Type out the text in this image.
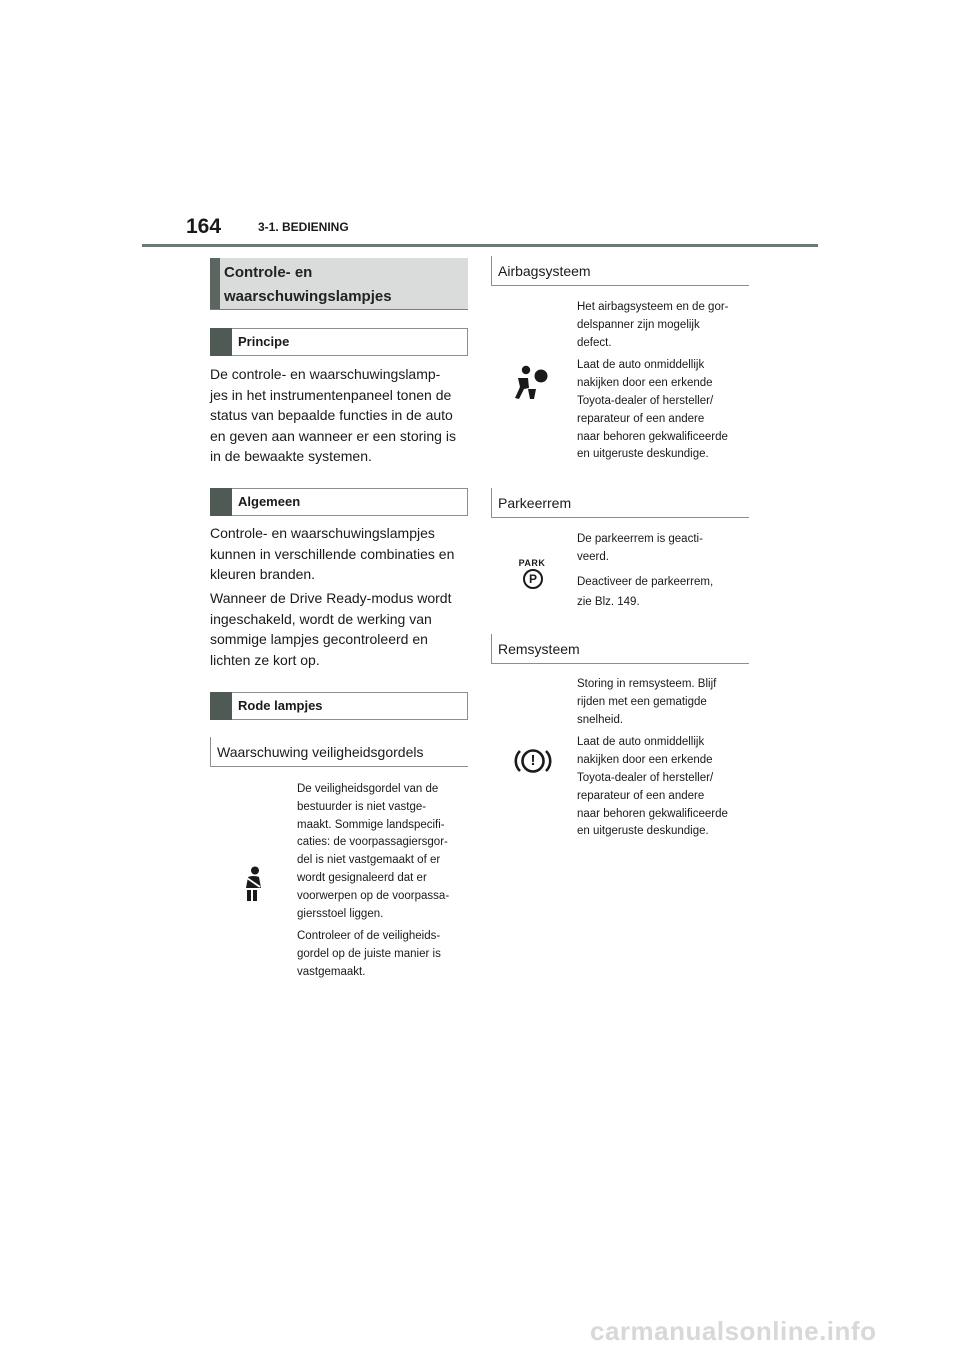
164	3-1. BEDIENING
Controle- en
waarschuwingslampjes
Principe

De controle- en waarschuwingslamp-
jes in het instrumentenpaneel tonen de
status van bepaalde functies in de auto
en geven aan wanneer er een storing is
in de bewaakte systemen.

Algemeen

Controle- en waarschuwingslampjes
kunnen in verschillende combinaties en
kleuren branden.

Wanneer de Drive Ready-modus wordt
ingeschakeld, wordt de werking van
sommige lampjes gecontroleerd en
lichten ze kort op.

Rode lampjes
Waarschuwing veiligheidsgordels

De veiligheidsgordel van de
bestuurder is niet vastge-
maakt. Sommige landspecifi-
caties: de voorpassagiersgor-
del is niet vastgemaakt of er
wordt gesignaleerd dat er
voorwerpen op de voorpassa-
giersstoel liggen.

Controleer of de veiligheids-
gordel op de juiste manier is
vastgemaakt.

Airbagsysteem

Het airbagsysteem en de gor-
delspanner zijn mogelijk
defect.

Laat de auto onmiddellijk
nakijken door een erkende
Toyota-dealer of hersteller/
reparateur of een andere
naar behoren gekwalificeerde
en uitgeruste deskundige.

Parkeerrem
PARK
P

De parkeerrem is geacti-
veerd.

Deactiveer de parkeerrem,
zie Blz. 149.

Remsysteem
!

Storing in remsysteem. Blijf
rijden met een gematigde
snelheid.

Laat de auto onmiddellijk
nakijken door een erkende
Toyota-dealer of hersteller/
reparateur of een andere
naar behoren gekwalificeerde
en uitgeruste deskundige.

carmanualsonline.info
